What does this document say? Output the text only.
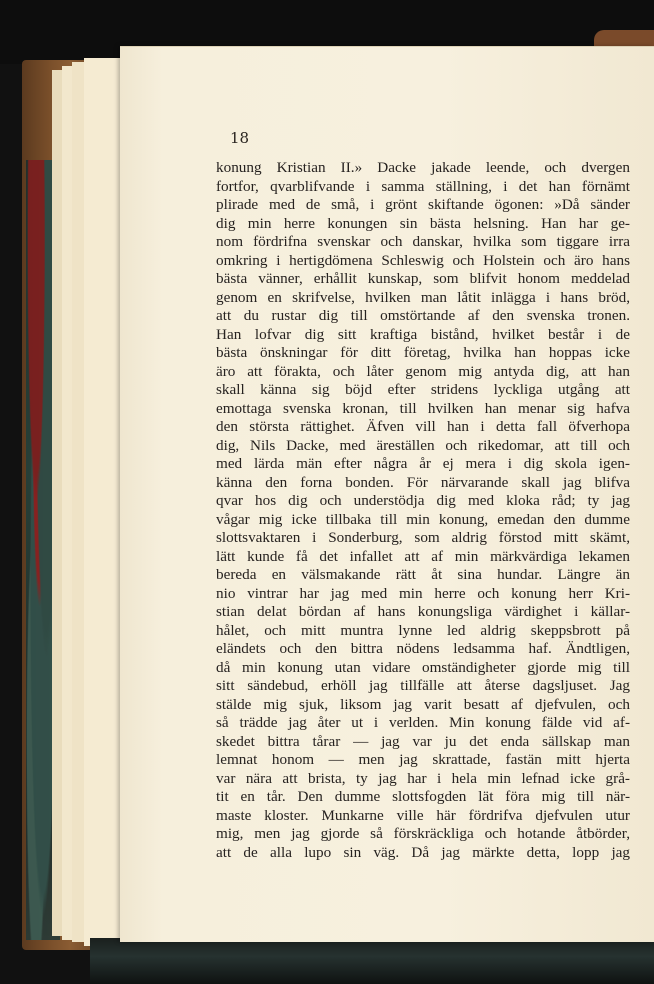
18
konung Kristian II.» Dacke jakade leende, och dvergen
fortfor, qvarblifvande i samma ställning, i det han förnämt
plirade med de små, i grönt skiftande ögonen: »Då sänder
dig min herre konungen sin bästa helsning. Han har ge-
nom fördrifna svenskar och danskar, hvilka som tiggare irra
omkring i hertigdömena Schleswig och Holstein och äro hans
bästa vänner, erhållit kunskap, som blifvit honom meddelad
genom en skrifvelse, hvilken man låtit inlägga i hans bröd,
att du rustar dig till omstörtande af den svenska tronen.
Han lofvar dig sitt kraftiga bistånd, hvilket består i de
bästa önskningar för ditt företag, hvilka han hoppas icke
äro att förakta, och låter genom mig antyda dig, att han
skall känna sig böjd efter stridens lyckliga utgång att
emottaga svenska kronan, till hvilken han menar sig hafva
den största rättighet. Äfven vill han i detta fall öfverhopa
dig, Nils Dacke, med äreställen och rikedomar, att till och
med lärda män efter några år ej mera i dig skola igen-
känna den forna bonden. För närvarande skall jag blifva
qvar hos dig och understödja dig med kloka råd; ty jag
vågar mig icke tillbaka till min konung, emedan den dumme
slottsvaktaren i Sonderburg, som aldrig förstod mitt skämt,
lätt kunde få det infallet att af min märkvärdiga lekamen
bereda en välsmakande rätt åt sina hundar. Längre än
nio vintrar har jag med min herre och konung herr Kri-
stian delat bördan af hans konungsliga värdighet i källar-
hålet, och mitt muntra lynne led aldrig skeppsbrott på
eländets och den bittra nödens ledsamma haf. Ändtligen,
då min konung utan vidare omständigheter gjorde mig till
sitt sändebud, erhöll jag tillfälle att återse dagsljuset. Jag
stälde mig sjuk, liksom jag varit besatt af djefvulen, och
så trädde jag åter ut i verlden. Min konung fälde vid af-
skedet bittra tårar — jag var ju det enda sällskap man
lemnat honom — men jag skrattade, fastän mitt hjerta
var nära att brista, ty jag har i hela min lefnad icke grå-
tit en tår. Den dumme slottsfogden lät föra mig till när-
maste kloster. Munkarne ville här fördrifva djefvulen utur
mig, men jag gjorde så förskräckliga och hotande åtbörder,
att de alla lupo sin väg. Då jag märkte detta, lopp jag
